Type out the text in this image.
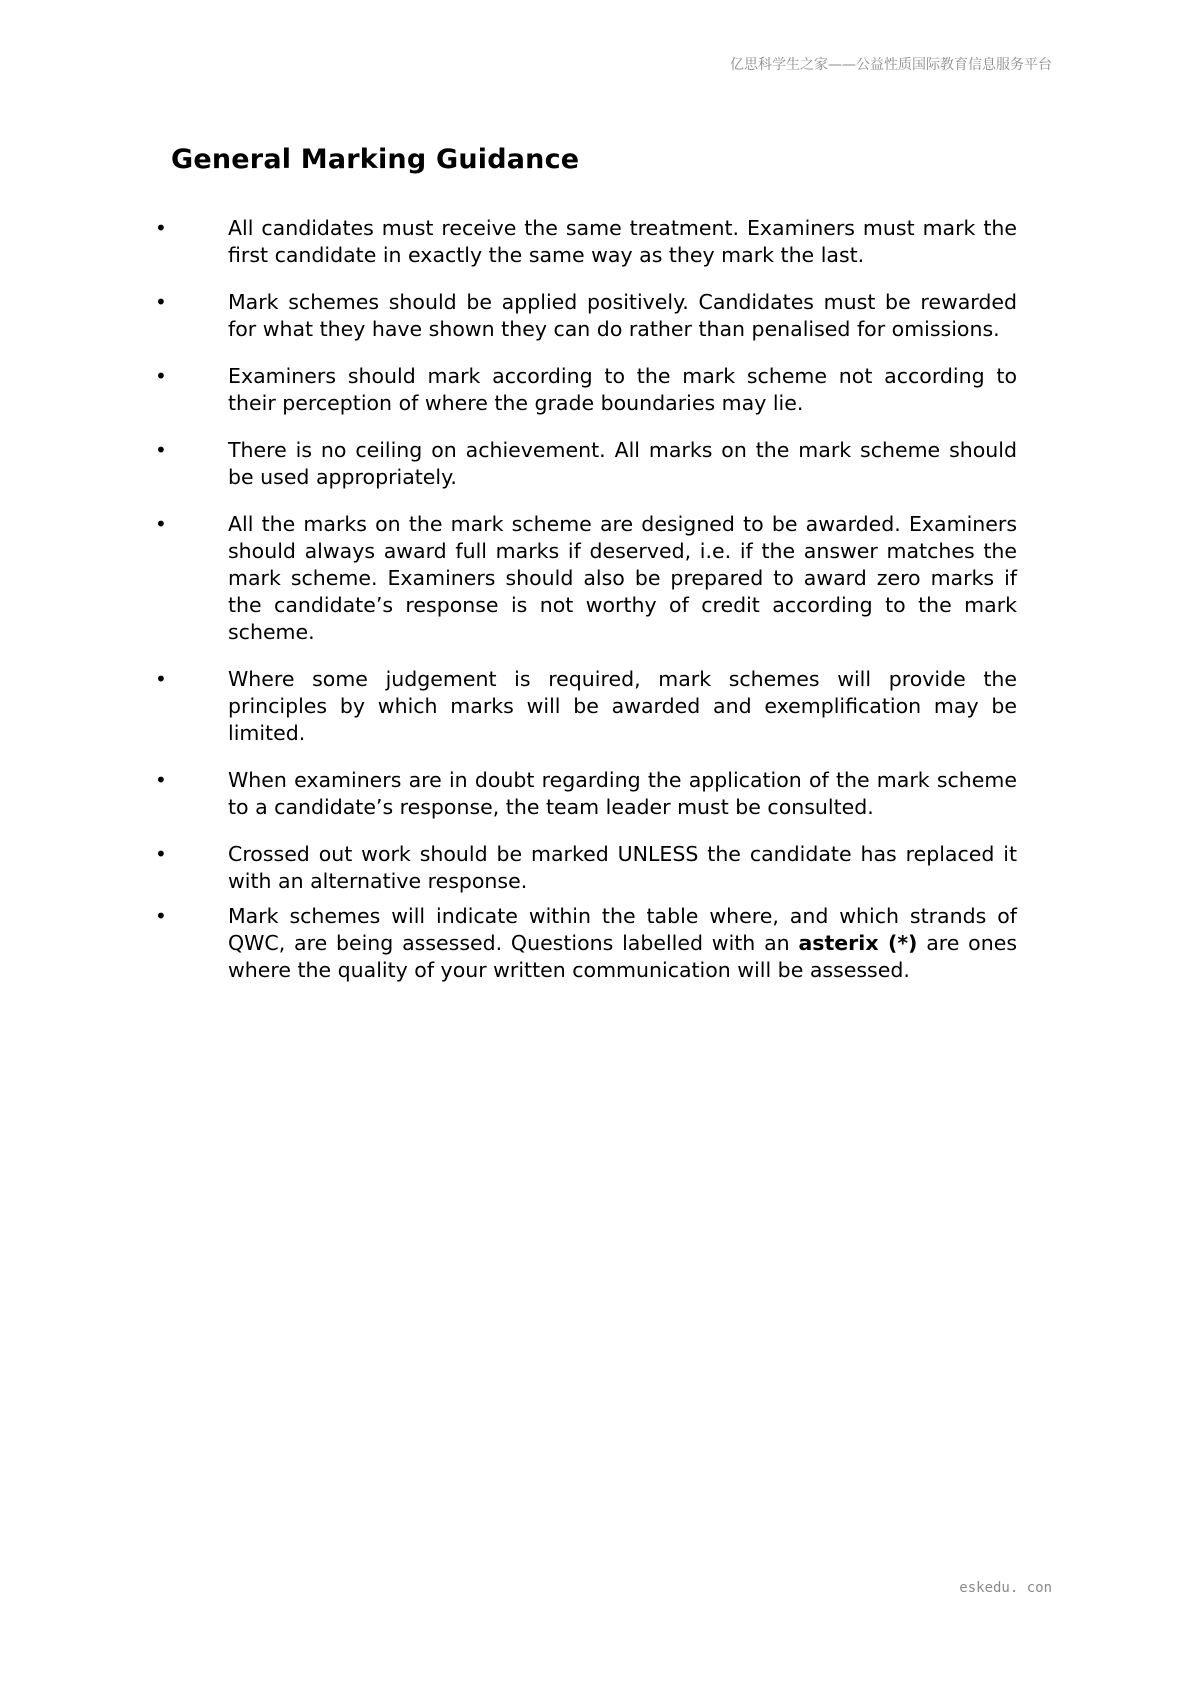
亿思科学生之家——公益性质国际教育信息服务平台
General Marking Guidance
•	All candidates must receive the same treatment. Examiners must mark the first candidate in exactly the same way as they mark the last.
•	Mark schemes should be applied positively. Candidates must be rewarded for what they have shown they can do rather than penalised for omissions.
•	Examiners should mark according to the mark scheme not according to their perception of where the grade boundaries may lie.
•	There is no ceiling on achievement. All marks on the mark scheme should be used appropriately.
•	All the marks on the mark scheme are designed to be awarded. Examiners should always award full marks if deserved, i.e. if the answer matches the mark scheme. Examiners should also be prepared to award zero marks if the candidate’s response is not worthy of credit according to the mark scheme.
•	Where some judgement is required, mark schemes will provide the principles by which marks will be awarded and exemplification may be limited.
•	When examiners are in doubt regarding the application of the mark scheme to a candidate’s response, the team leader must be consulted.
•	Crossed out work should be marked UNLESS the candidate has replaced it with an alternative response.
•	Mark schemes will indicate within the table where, and which strands of QWC, are being assessed. Questions labelled with an asterix (*) are ones where the quality of your written communication will be assessed.
eskedu. con
